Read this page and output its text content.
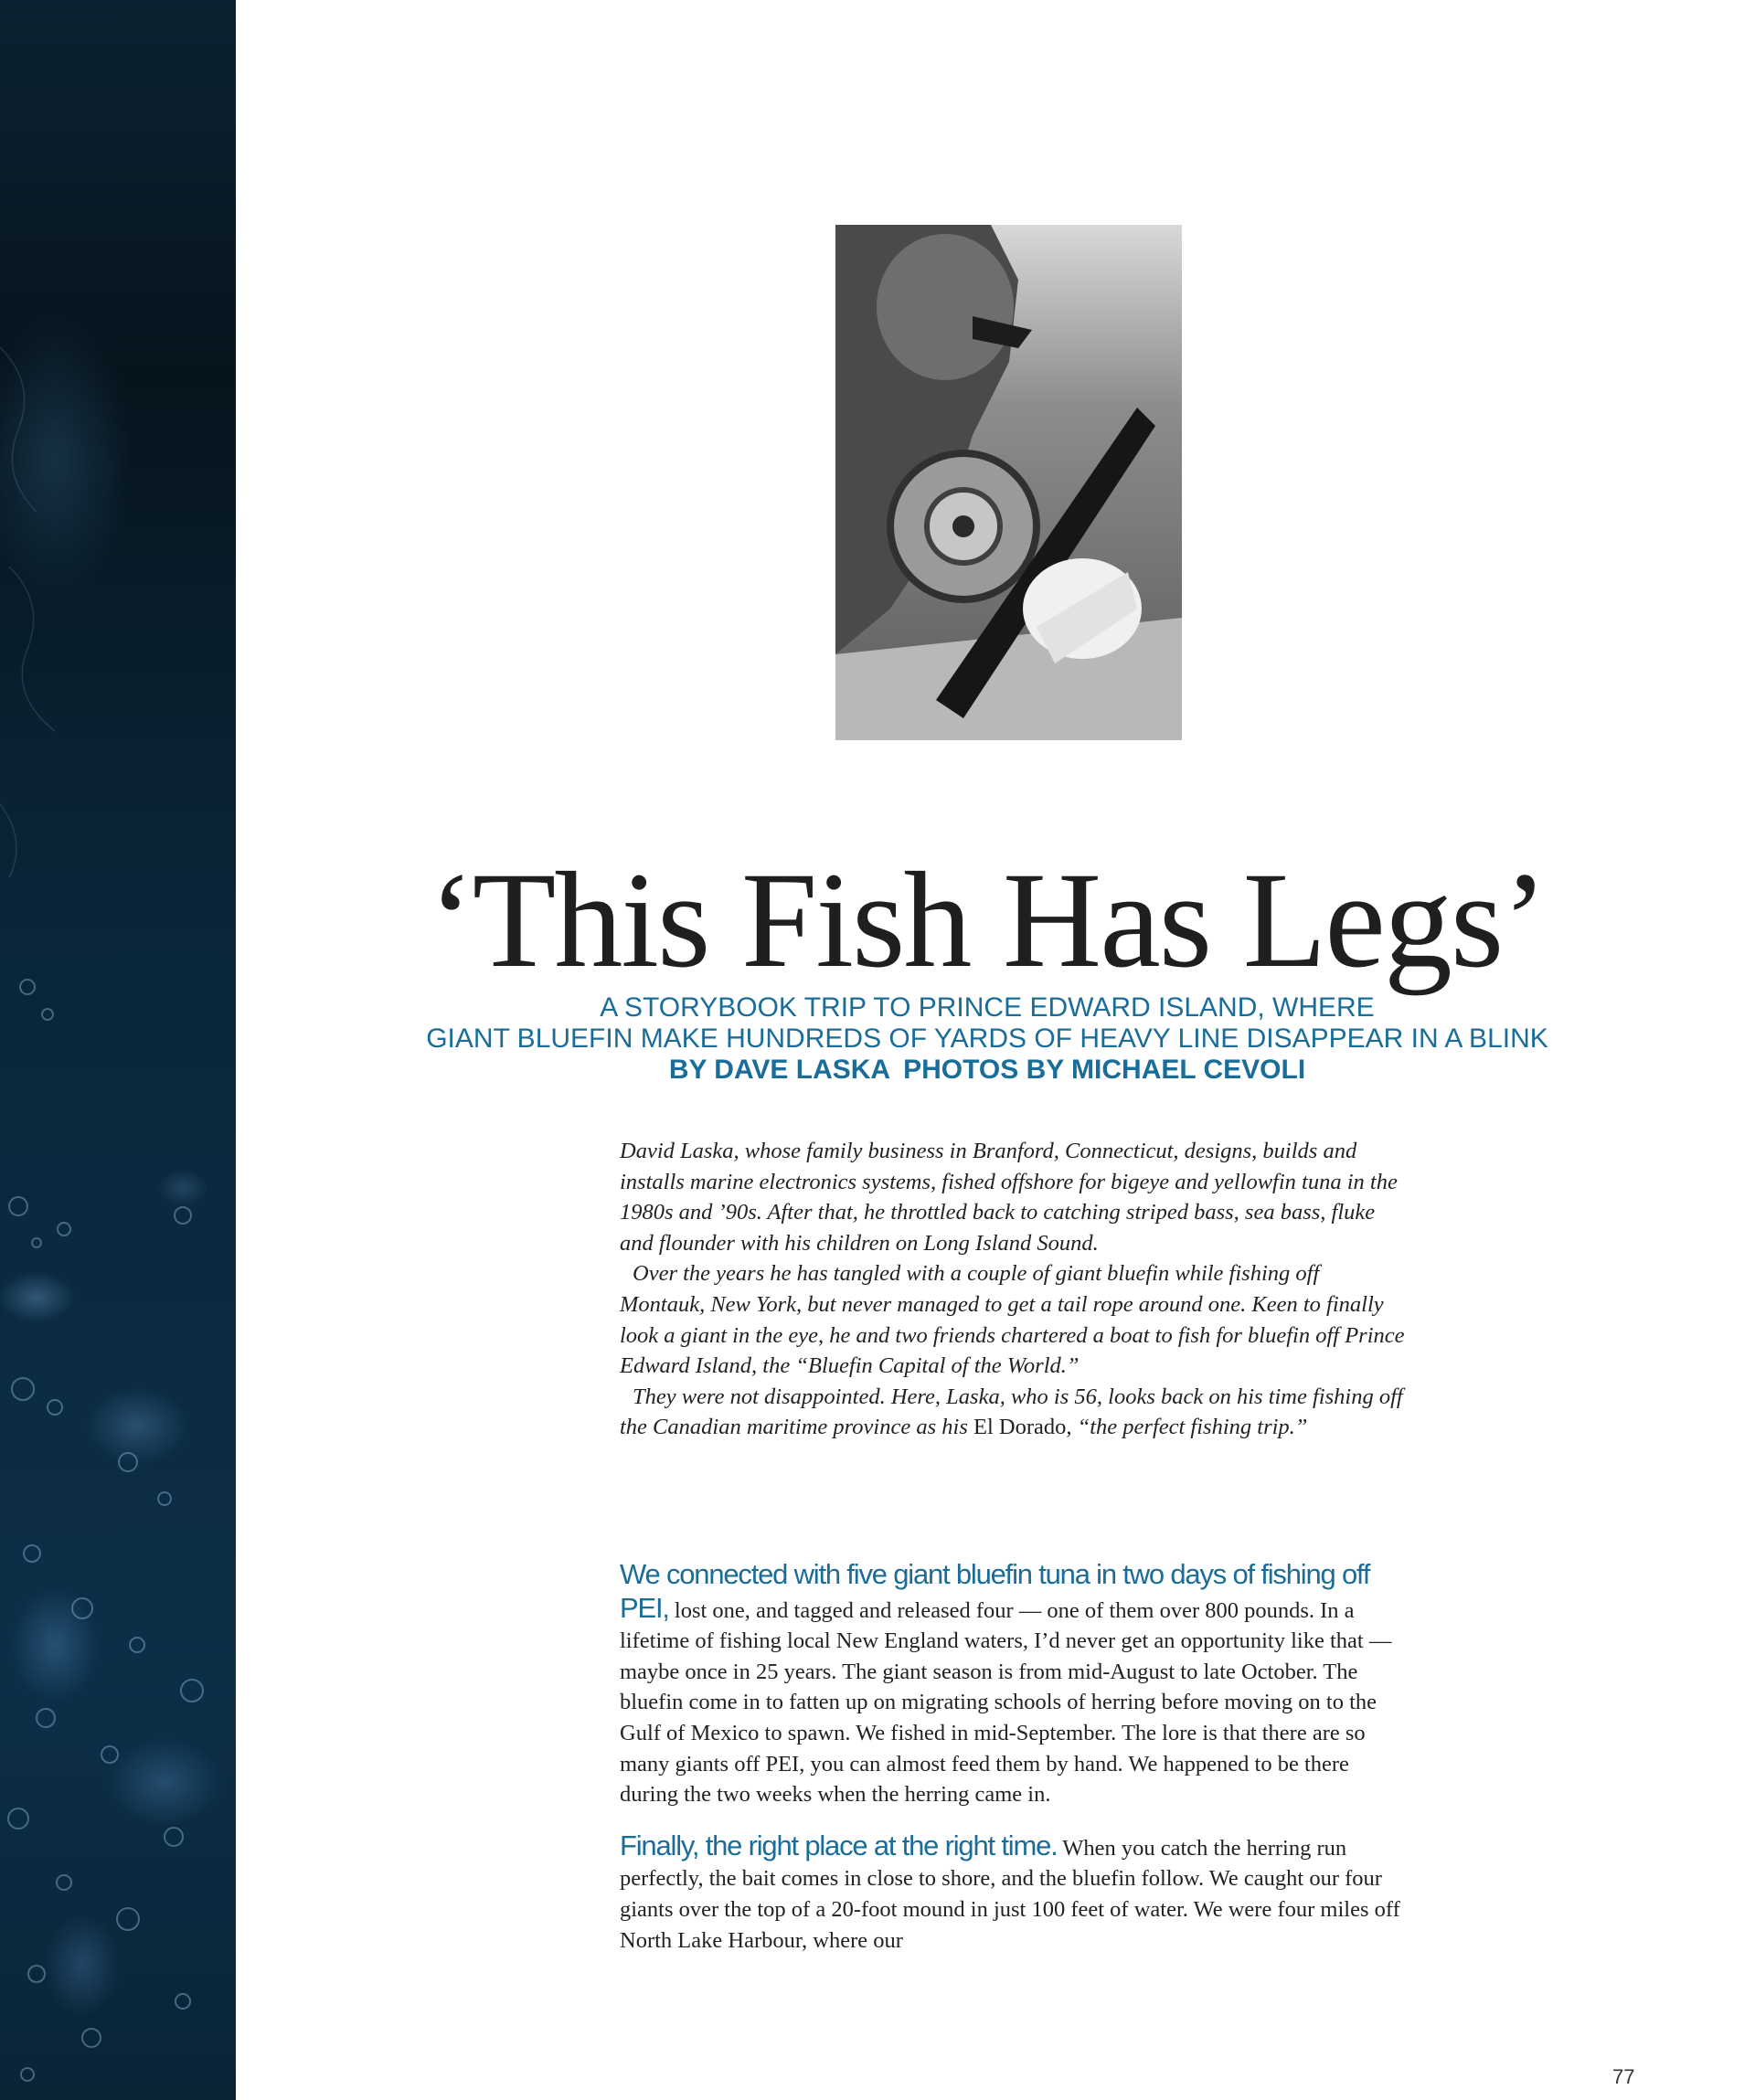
‘This Fish Has Legs’
A STORYBOOK TRIP TO PRINCE EDWARD ISLAND, WHERE
GIANT BLUEFIN MAKE HUNDREDS OF YARDS OF HEAVY LINE DISAPPEAR IN A BLINK
BY DAVE LASKA PHOTOS BY MICHAEL CEVOLI

David Laska, whose family business in Branford, Connecticut, designs, builds and installs marine electronics systems, fished offshore for bigeye and yellowfin tuna in the 1980s and ’90s. After that, he throttled back to catching striped bass, sea bass, fluke and flounder with his children on Long Island Sound.

Over the years he has tangled with a couple of giant bluefin while fishing off Montauk, New York, but never managed to get a tail rope around one. Keen to finally look a giant in the eye, he and two friends chartered a boat to fish for bluefin off Prince Edward Island, the “Bluefin Capital of the World.”

They were not disappointed. Here, Laska, who is 56, looks back on his time fishing off the Canadian maritime province as his El Dorado, “the perfect fishing trip.”

We connected with five giant bluefin tuna in two days of fishing off PEI, lost one, and tagged and released four — one of them over 800 pounds. In a lifetime of fishing local New England waters, I’d never get an opportunity like that — maybe once in 25 years. The giant season is from mid-August to late October. The bluefin come in to fatten up on migrating schools of herring before moving on to the Gulf of Mexico to spawn. We fished in mid-September. The lore is that there are so many giants off PEI, you can almost feed them by hand. We happened to be there during the two weeks when the herring came in.

Finally, the right place at the right time. When you catch the herring run perfectly, the bait comes in close to shore, and the bluefin follow. We caught our four giants over the top of a 20-foot mound in just 100 feet of water. We were four miles off North Lake Harbour, where our

77
